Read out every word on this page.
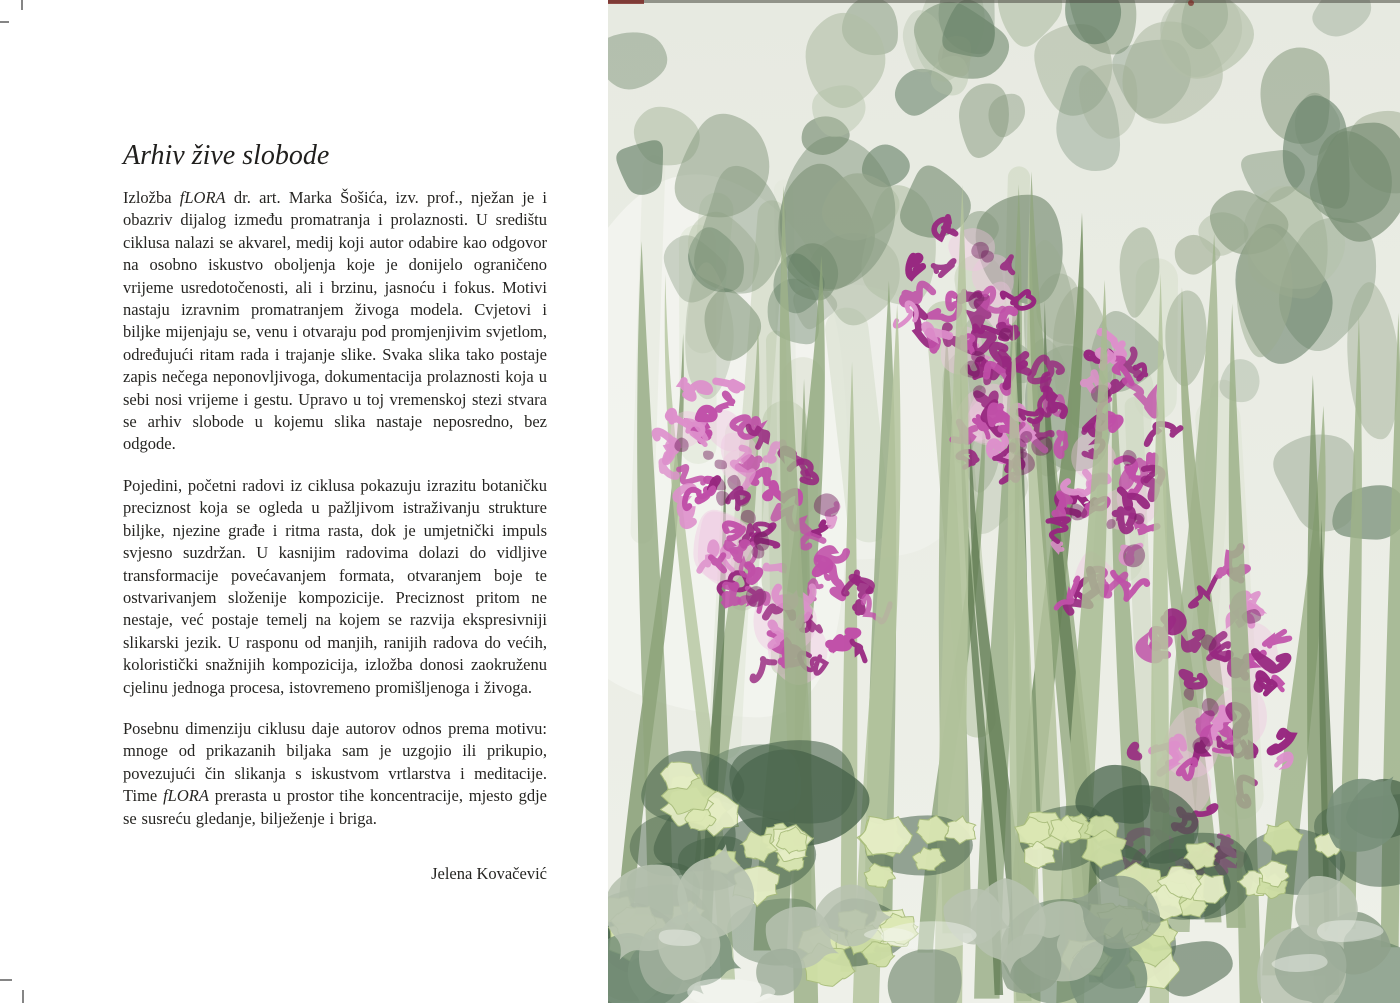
Arhiv žive slobode

Izložba fLORA dr. art. Marka Šošića, izv. prof., nježan je i obazriv dijalog između promatranja i prolaznosti. U središtu ciklusa nalazi se akvarel, medij koji autor odabire kao odgovor na osobno iskustvo oboljenja koje je donijelo ograničeno vrijeme usredotočenosti, ali i brzinu, jasnoću i fokus. Motivi nastaju izravnim promatranjem živoga modela. Cvjetovi i biljke mijenjaju se, venu i otvaraju pod promjenjivim svjetlom, određujući ritam rada i trajanje slike. Svaka slika tako postaje zapis nečega neponovljivoga, dokumentacija prolaznosti koja u sebi nosi vrijeme i gestu. Upravo u toj vremenskoj stezi stvara se arhiv slobode u kojemu slika nastaje neposredno, bez odgode.

Pojedini, početni radovi iz ciklusa pokazuju izrazitu botaničku preciznost koja se ogleda u pažljivom istraživanju strukture biljke, njezine građe i ritma rasta, dok je umjetnički impuls svjesno suzdržan. U kasnijim radovima dolazi do vidljive transformacije povećavanjem formata, otvaranjem boje te ostvarivanjem složenije kompozicije. Preciznost pritom ne nestaje, već postaje temelj na kojem se razvija ekspresivniji slikarski jezik. U rasponu od manjih, ranijih radova do većih, koloristički snažnijih kompozicija, izložba donosi zaokruženu cjelinu jednoga procesa, istovremeno promišljenoga i živoga.

Posebnu dimenziju ciklusu daje autorov odnos prema motivu: mnoge od prikazanih biljaka sam je uzgojio ili prikupio, povezujući čin slikanja s iskustvom vrtlarstva i meditacije. Time fLORA prerasta u prostor tihe koncentracije, mjesto gdje se susreću gledanje, bilježenje i briga.

Jelena Kovačević
